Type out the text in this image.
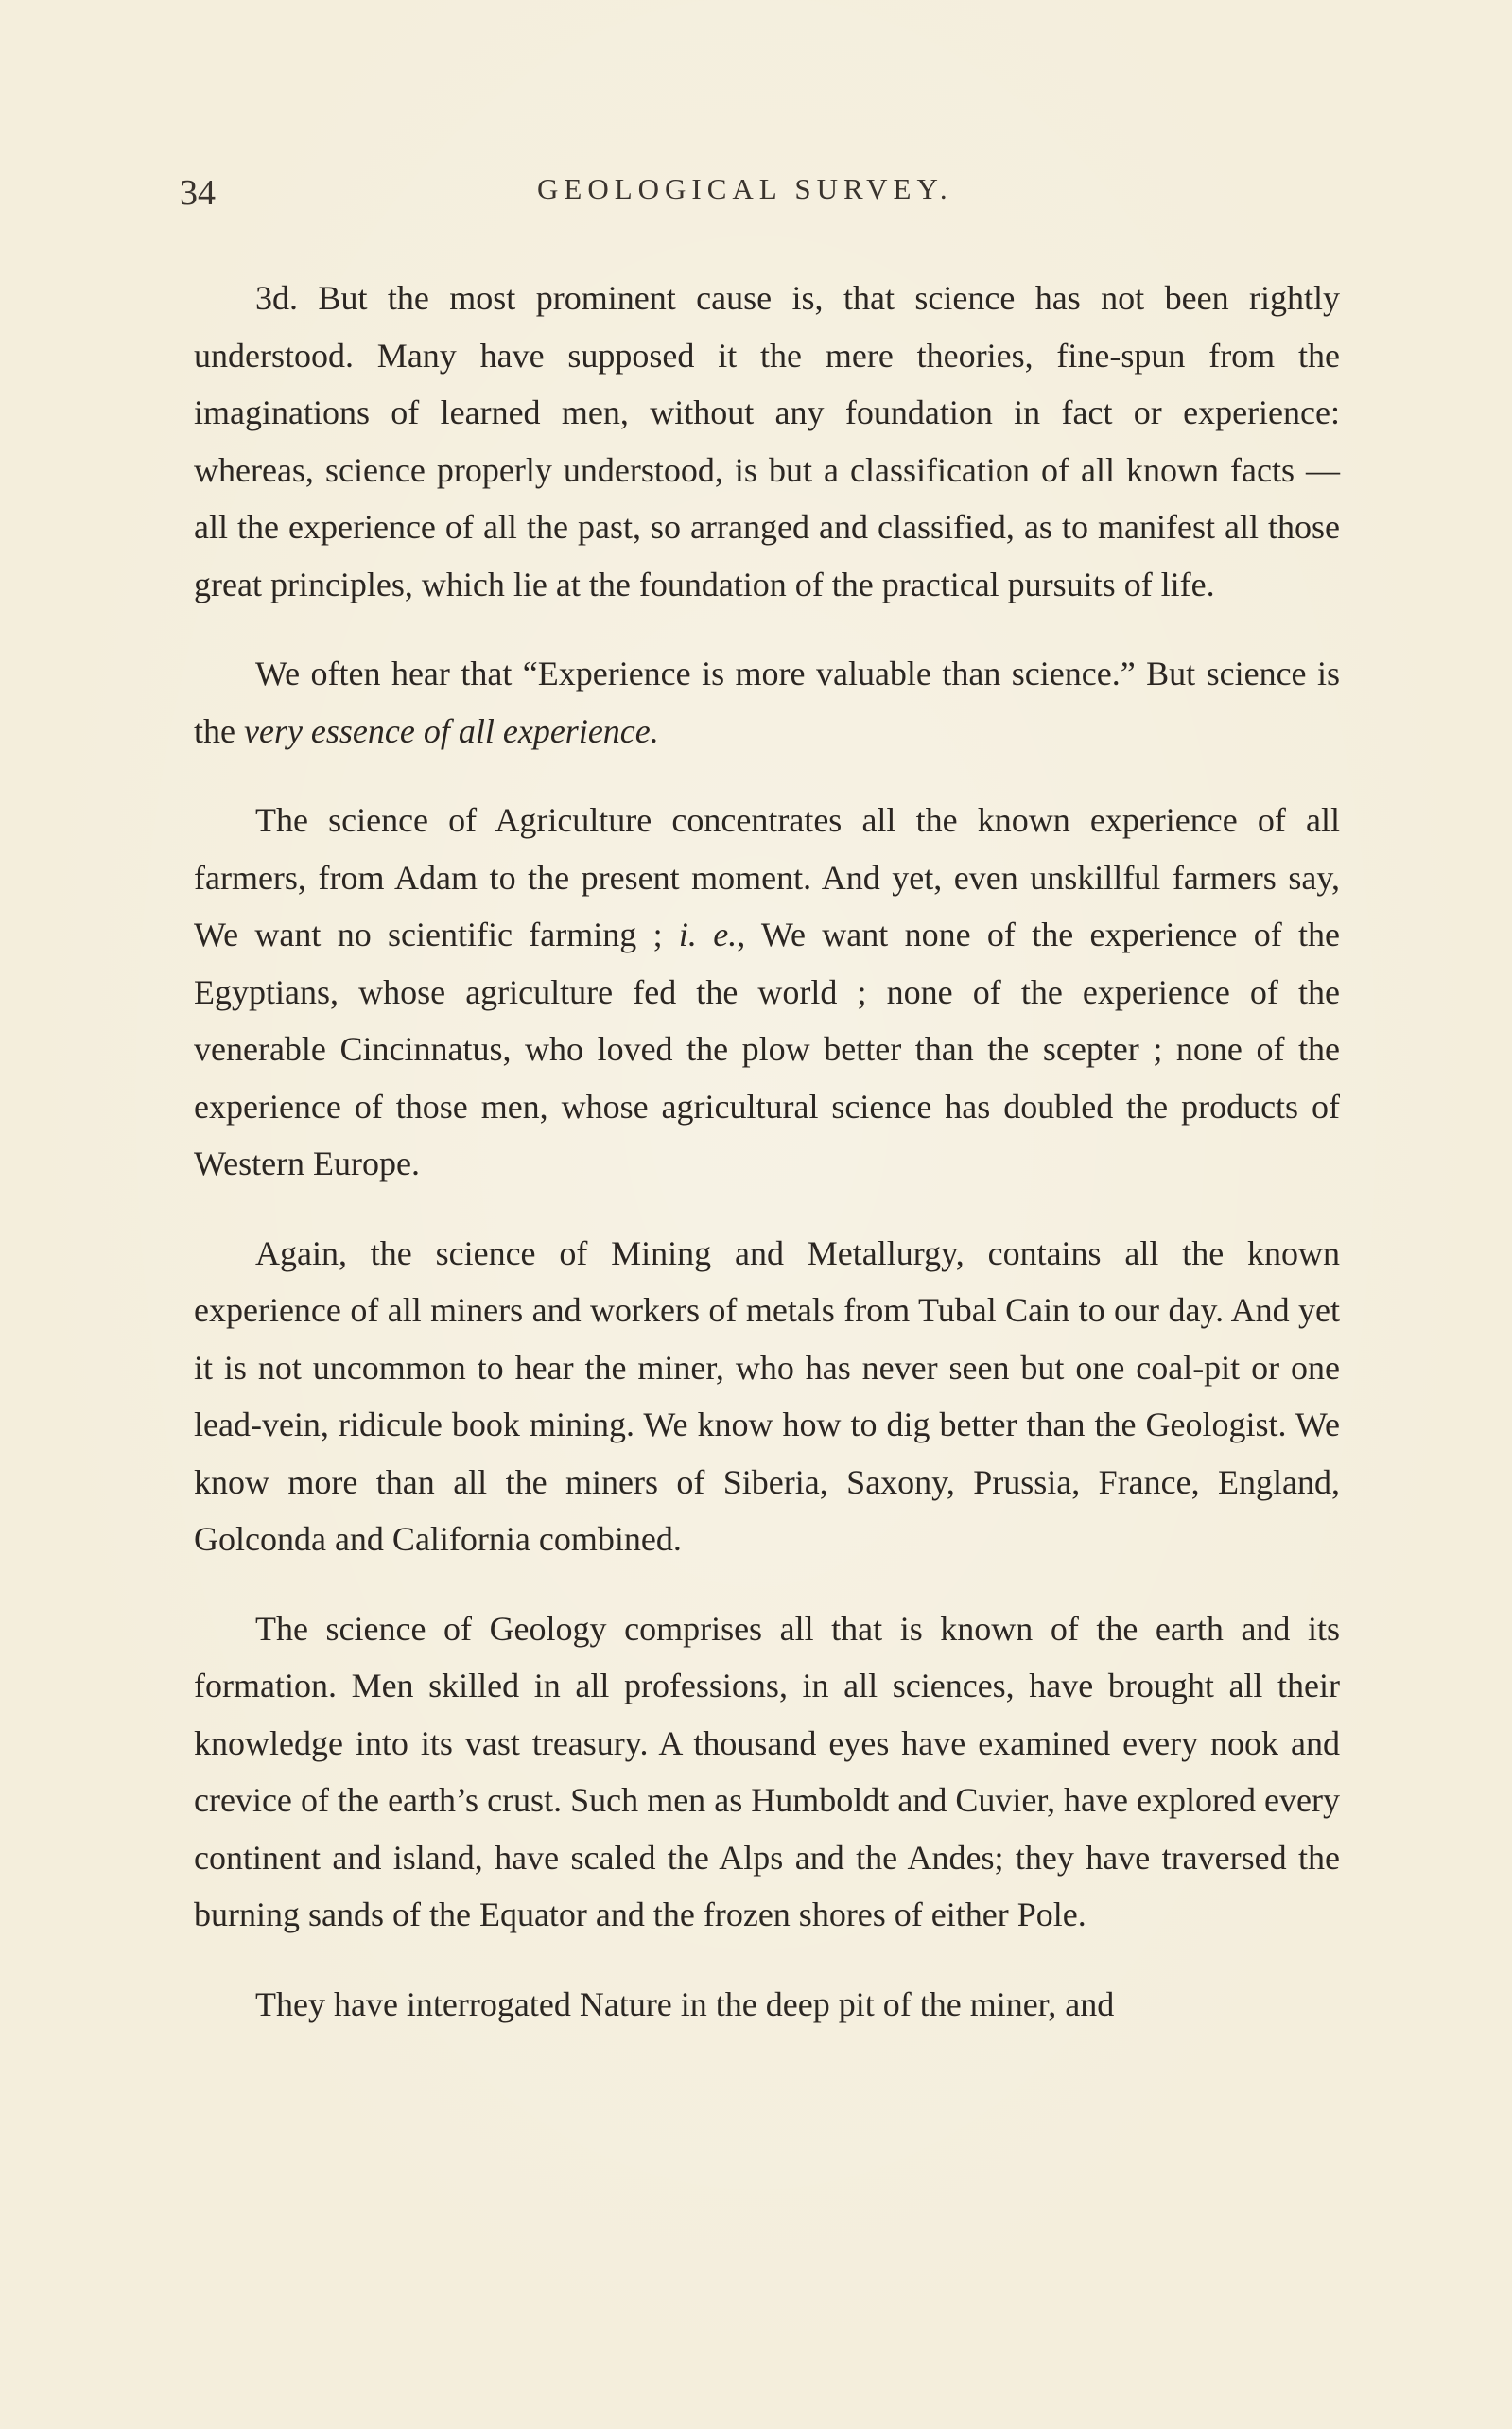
34	GEOLOGICAL SURVEY.

3d. But the most prominent cause is, that science has not been rightly understood. Many have supposed it the mere theories, fine-spun from the imaginations of learned men, without any foundation in fact or experience: whereas, science properly understood, is but a classification of all known facts — all the experience of all the past, so arranged and classified, as to manifest all those great principles, which lie at the foundation of the practical pursuits of life.

We often hear that “Experience is more valuable than science.” But science is the very essence of all experience.

The science of Agriculture concentrates all the known experience of all farmers, from Adam to the present moment. And yet, even unskillful farmers say, We want no scientific farming ; i. e., We want none of the experience of the Egyptians, whose agriculture fed the world ; none of the experience of the venerable Cincinnatus, who loved the plow better than the scepter ; none of the experience of those men, whose agricultural science has doubled the products of Western Europe.

Again, the science of Mining and Metallurgy, contains all the known experience of all miners and workers of metals from Tubal Cain to our day. And yet it is not uncommon to hear the miner, who has never seen but one coal-pit or one lead-vein, ridicule book mining. We know how to dig better than the Geologist. We know more than all the miners of Siberia, Saxony, Prussia, France, England, Golconda and California combined.

The science of Geology comprises all that is known of the earth and its formation. Men skilled in all professions, in all sciences, have brought all their knowledge into its vast treasury. A thousand eyes have examined every nook and crevice of the earth’s crust. Such men as Humboldt and Cuvier, have explored every continent and island, have scaled the Alps and the Andes; they have traversed the burning sands of the Equator and the frozen shores of either Pole.

They have interrogated Nature in the deep pit of the miner, and
